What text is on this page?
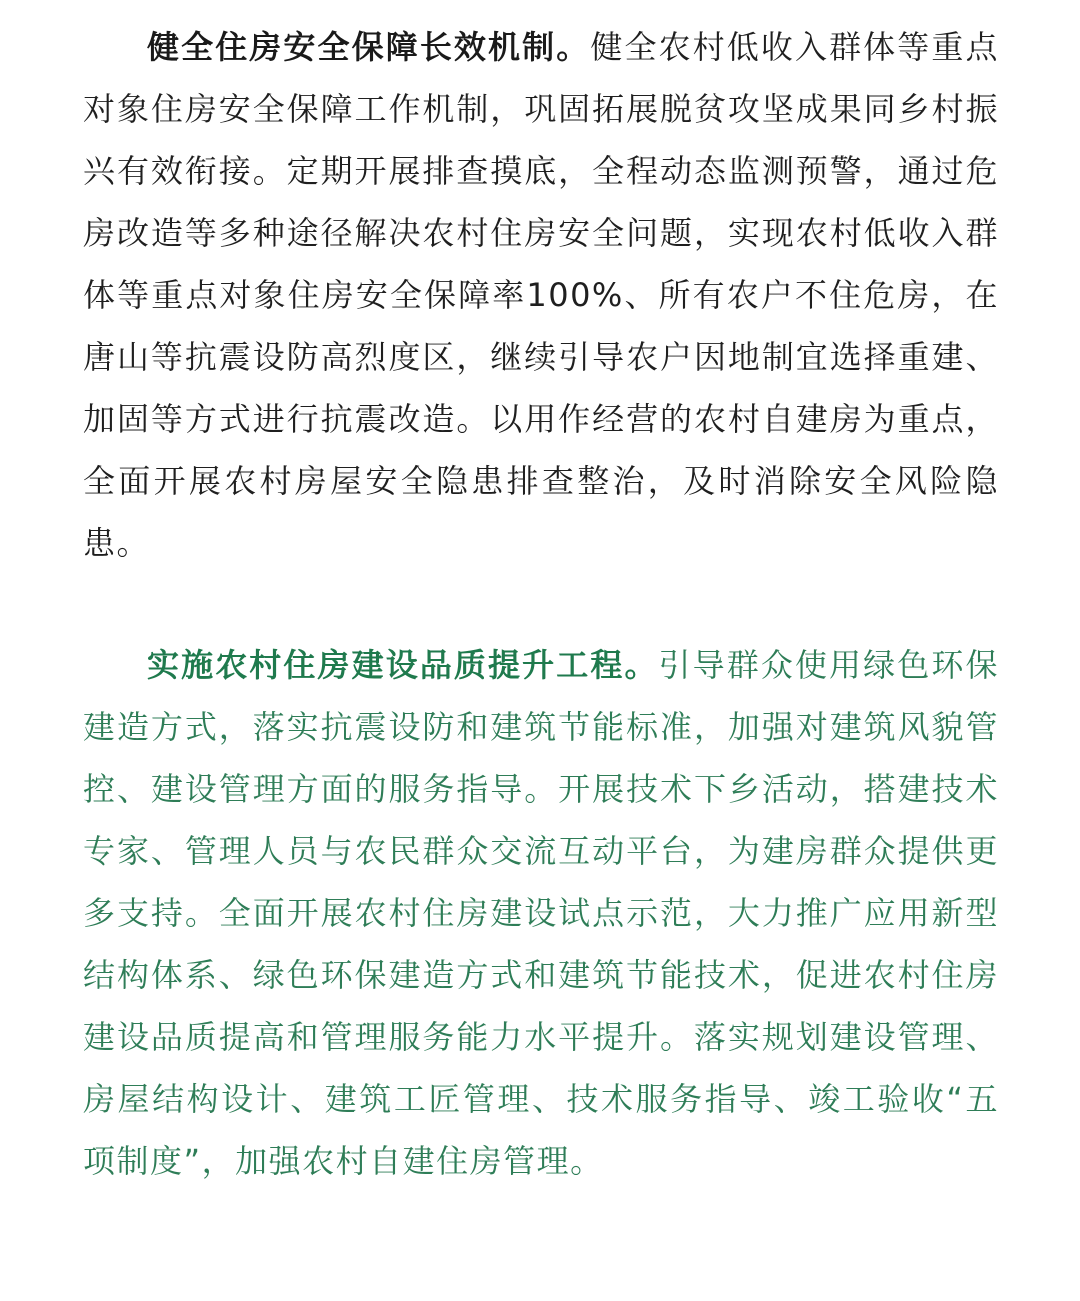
健全住房安全保障长效机制。健全农村低收入群体等重点对象住房安全保障工作机制，巩固拓展脱贫攻坚成果同乡村振兴有效衔接。定期开展排查摸底，全程动态监测预警，通过危房改造等多种途径解决农村住房安全问题，实现农村低收入群体等重点对象住房安全保障率100%、所有农户不住危房，在唐山等抗震设防高烈度区，继续引导农户因地制宜选择重建、加固等方式进行抗震改造。以用作经营的农村自建房为重点，全面开展农村房屋安全隐患排查整治，及时消除安全风险隐患。

实施农村住房建设品质提升工程。引导群众使用绿色环保建造方式，落实抗震设防和建筑节能标准，加强对建筑风貌管控、建设管理方面的服务指导。开展技术下乡活动，搭建技术专家、管理人员与农民群众交流互动平台，为建房群众提供更多支持。全面开展农村住房建设试点示范，大力推广应用新型结构体系、绿色环保建造方式和建筑节能技术，促进农村住房建设品质提高和管理服务能力水平提升。落实规划建设管理、房屋结构设计、建筑工匠管理、技术服务指导、竣工验收“五项制度”，加强农村自建住房管理。
